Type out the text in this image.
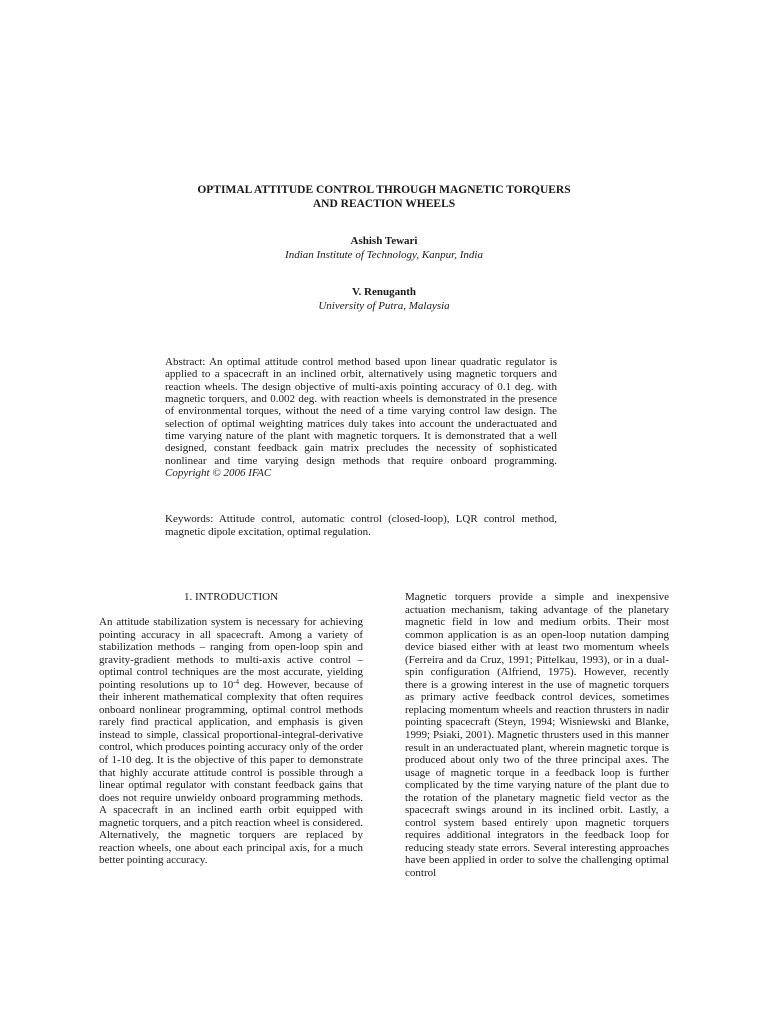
OPTIMAL ATTITUDE CONTROL THROUGH MAGNETIC TORQUERS
AND REACTION WHEELS
Ashish Tewari
Indian Institute of Technology, Kanpur, India
V. Renuganth
University of Putra, Malaysia
Abstract: An optimal attitude control method based upon linear quadratic regulator is applied to a spacecraft in an inclined orbit, alternatively using magnetic torquers and reaction wheels. The design objective of multi-axis pointing accuracy of 0.1 deg. with magnetic torquers, and 0.002 deg. with reaction wheels is demonstrated in the presence of environmental torques, without the need of a time varying control law design. The selection of optimal weighting matrices duly takes into account the underactuated and time varying nature of the plant with magnetic torquers. It is demonstrated that a well designed, constant feedback gain matrix precludes the necessity of sophisticated nonlinear and time varying design methods that require onboard programming. Copyright © 2006 IFAC
Keywords: Attitude control, automatic control (closed-loop), LQR control method, magnetic dipole excitation, optimal regulation.
1. INTRODUCTION
An attitude stabilization system is necessary for achieving pointing accuracy in all spacecraft. Among a variety of stabilization methods – ranging from open-loop spin and gravity-gradient methods to multi-axis active control – optimal control techniques are the most accurate, yielding pointing resolutions up to $10^{-4}$ deg. However, because of their inherent mathematical complexity that often requires onboard nonlinear programming, optimal control methods rarely find practical application, and emphasis is given instead to simple, classical proportional-integral-derivative control, which produces pointing accuracy only of the order of 1-10 deg. It is the objective of this paper to demonstrate that highly accurate attitude control is possible through a linear optimal regulator with constant feedback gains that does not require unwieldy onboard programming methods. A spacecraft in an inclined earth orbit equipped with magnetic torquers, and a pitch reaction wheel is considered. Alternatively, the magnetic torquers are replaced by reaction wheels, one about each principal axis, for a much better pointing accuracy.
Magnetic torquers provide a simple and inexpensive actuation mechanism, taking advantage of the planetary magnetic field in low and medium orbits. Their most common application is as an open-loop nutation damping device biased either with at least two momentum wheels (Ferreira and da Cruz, 1991; Pittelkau, 1993), or in a dual-spin configuration (Alfriend, 1975). However, recently there is a growing interest in the use of magnetic torquers as primary active feedback control devices, sometimes replacing momentum wheels and reaction thrusters in nadir pointing spacecraft (Steyn, 1994; Wisniewski and Blanke, 1999; Psiaki, 2001). Magnetic thrusters used in this manner result in an underactuated plant, wherein magnetic torque is produced about only two of the three principal axes. The usage of magnetic torque in a feedback loop is further complicated by the time varying nature of the plant due to the rotation of the planetary magnetic field vector as the spacecraft swings around in its inclined orbit. Lastly, a control system based entirely upon magnetic torquers requires additional integrators in the feedback loop for reducing steady state errors. Several interesting approaches have been applied in order to solve the challenging optimal control
